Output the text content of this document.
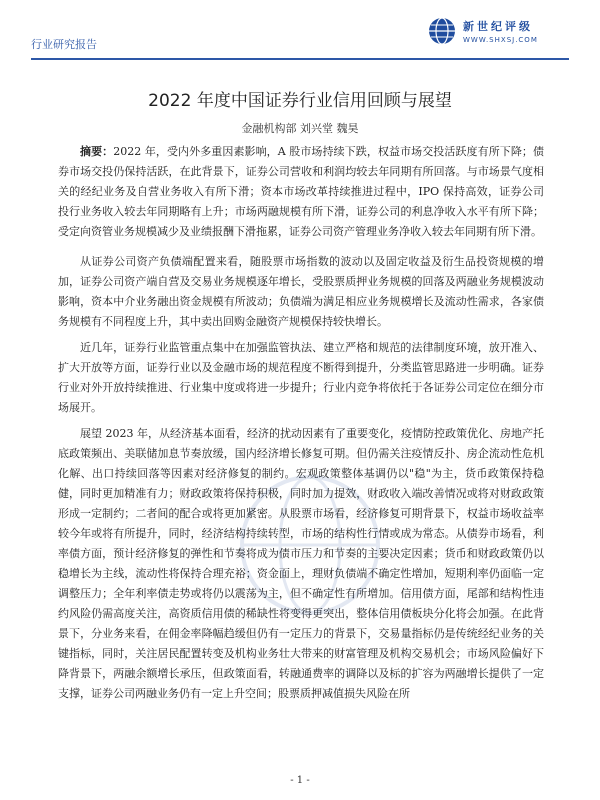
行业研究报告
新世纪评级
WWW.SHXSJ.COM
2022 年度中国证券行业信用回顾与展望
金融机构部 刘兴堂 魏昊

摘要：2022 年，受内外多重因素影响，A 股市场持续下跌，权益市场交投活跃度有所下降；债券市场交投仍保持活跃，在此背景下，证券公司营收和利润均较去年同期有所回落。与市场景气度相关的经纪业务及自营业务收入有所下滑；资本市场改革持续推进过程中，IPO 保持高效，证券公司投行业务收入较去年同期略有上升；市场两融规模有所下滑，证券公司的利息净收入水平有所下降；受定向资管业务规模减少及业绩报酬下滑拖累，证券公司资产管理业务净收入较去年同期有所下滑。

从证券公司资产负债端配置来看，随股票市场指数的波动以及固定收益及衍生品投资规模的增加，证券公司资产端自营及交易业务规模逐年增长，受股票质押业务规模的回落及两融业务规模波动影响，资本中介业务融出资金规模有所波动；负债端为满足相应业务规模增长及流动性需求，各家债务规模有不同程度上升，其中卖出回购金融资产规模保持较快增长。

近几年，证券行业监管重点集中在加强监管执法、建立严格和规范的法律制度环境，放开准入、扩大开放等方面，证券行业以及金融市场的规范程度不断得到提升，分类监管思路进一步明确。证券行业对外开放持续推进、行业集中度或将进一步提升；行业内竞争将依托于各证券公司定位在细分市场展开。

展望 2023 年，从经济基本面看，经济的扰动因素有了重要变化，疫情防控政策优化、房地产托底政策频出、美联储加息节奏放缓，国内经济增长修复可期。但仍需关注疫情反扑、房企流动性危机化解、出口持续回落等因素对经济修复的制约。宏观政策整体基调仍以"稳"为主，货币政策保持稳健，同时更加精准有力；财政政策将保持积极，同时加力提效，财政收入端改善情况或将对财政政策形成一定制约；二者间的配合或将更加紧密。从股票市场看，经济修复可期背景下，权益市场收益率较今年或将有所提升，同时，经济结构持续转型，市场的结构性行情或成为常态。从债券市场看，利率债方面，预计经济修复的弹性和节奏将成为债市压力和节奏的主要决定因素；货币和财政政策仍以稳增长为主线，流动性将保持合理充裕；资金面上，理财负债端不确定性增加，短期利率仍面临一定调整压力；全年利率债走势或将仍以震荡为主，但不确定性有所增加。信用债方面，尾部和结构性违约风险仍需高度关注，高资质信用债的稀缺性将变得更突出，整体信用债板块分化将会加强。在此背景下，分业务来看，在佣金率降幅趋缓但仍有一定压力的背景下，交易量指标仍是传统经纪业务的关键指标，同时，关注居民配置转变及机构业务壮大带来的财富管理及机构交易机会；市场风险偏好下降背景下，两融余额增长承压，但政策面看，转融通费率的调降以及标的扩容为两融增长提供了一定支撑，证券公司两融业务仍有一定上升空间；股票质押减值损失风险在所

- 1 -
